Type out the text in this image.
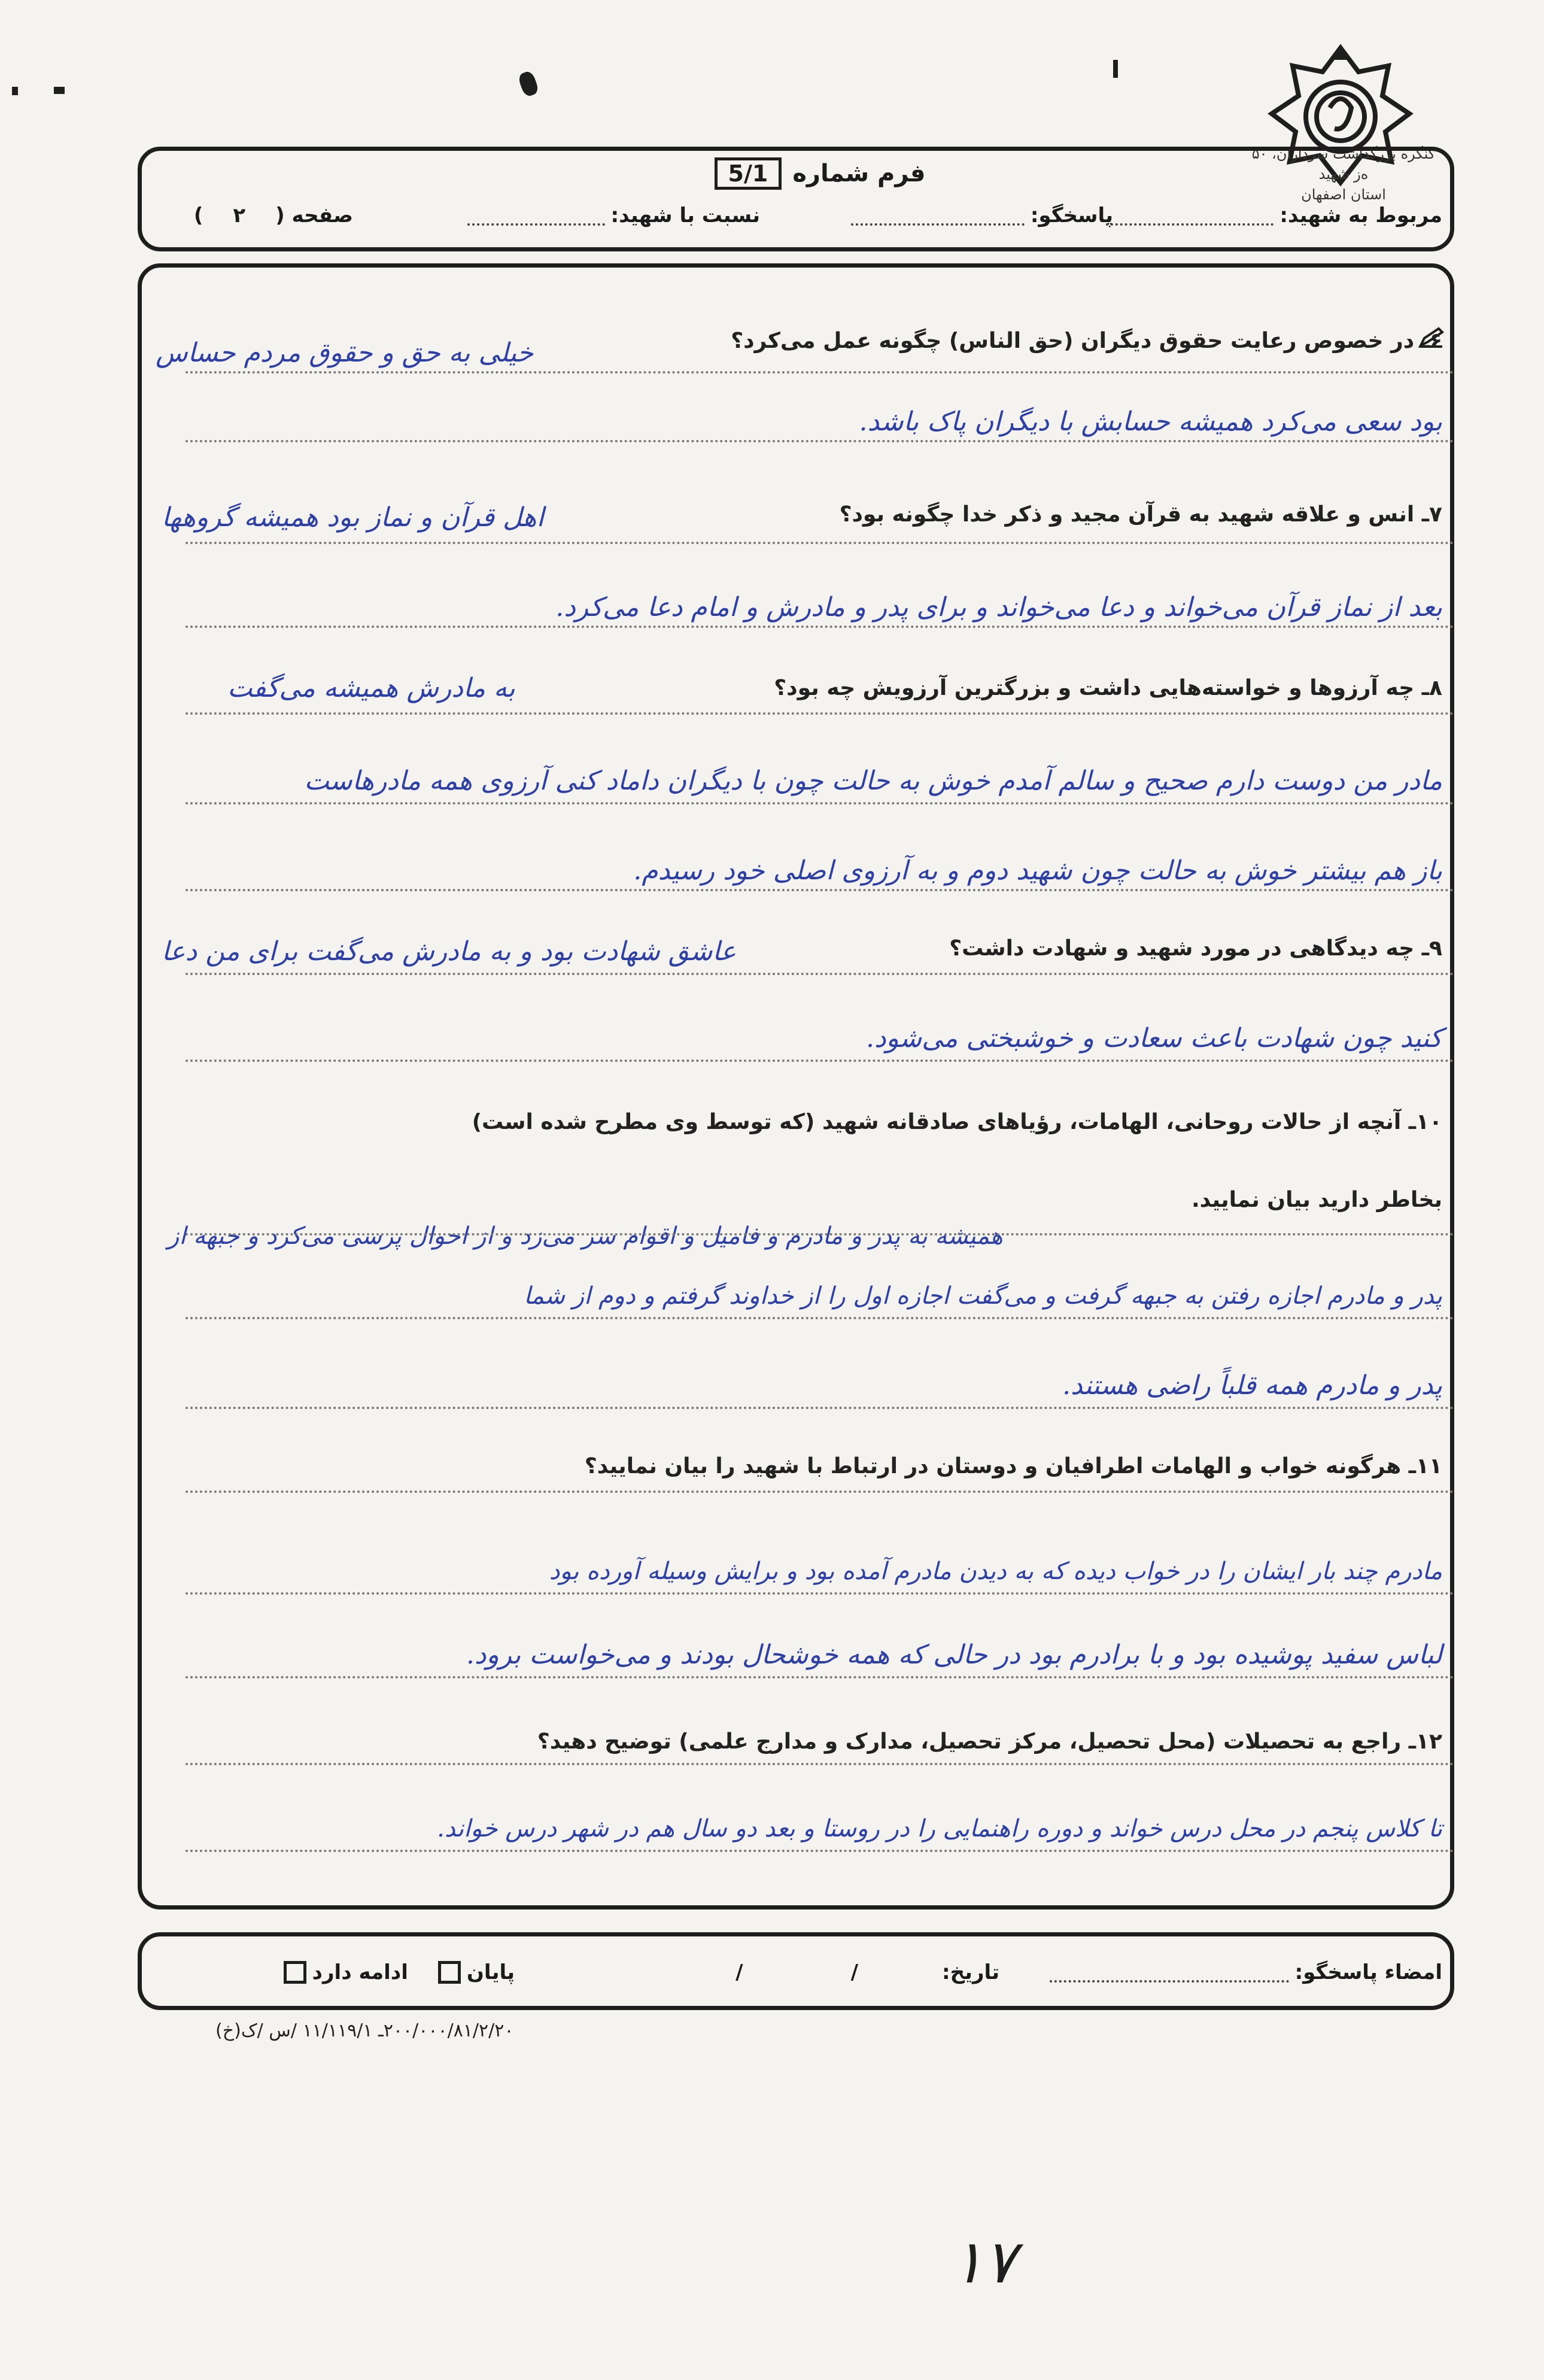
کنگره بزرگداشت سرداران، ۵۰ ه‌ز شهید
استان اصفهان
فرم شماره
5/1
مربوط به شهید:
پاسخگو:
نسبت با شهید:
صفحه (
۲
)
۶ـ در خصوص رعایت حقوق دیگران (حق الناس) چگونه عمل می‌کرد؟
خیلی به حق و حقوق مردم حساس
بود سعی می‌کرد همیشه حسابش با دیگران پاک باشد.
۷ـ انس و علاقه شهید به قرآن مجید و ذکر خدا چگونه بود؟
اهل قرآن و نماز بود همیشه گروهها
بعد از نماز قرآن می‌خواند و دعا می‌خواند و برای پدر و مادرش و امام دعا می‌کرد.
۸ـ چه آرزوها و خواسته‌هایی داشت و بزرگترین آرزویش چه بود؟
به مادرش همیشه می‌گفت
مادر من دوست دارم صحیح و سالم آمدم خوش به حالت چون با دیگران داماد کنی آرزوی همه مادرهاست
باز هم بیشتر خوش به حالت چون شهید دوم و به آرزوی اصلی خود رسیدم.
۹ـ چه دیدگاهی در مورد شهید و شهادت داشت؟
عاشق شهادت بود و به مادرش می‌گفت برای من دعا
کنید چون شهادت باعث سعادت و خوشبختی می‌شود.
۱۰ـ آنچه از حالات روحانی، الهامات، رؤیاهای صادقانه شهید (که توسط وی مطرح شده است)
بخاطر دارید بیان نمایید.
همیشه به پدر و مادرم و فامیل و اقوام سر می‌زد و از احوال پرسی می‌کرد و جبهه از
پدر و مادرم اجازه رفتن به جبهه گرفت و می‌گفت اجازه اول را از خداوند گرفتم و دوم از شما
پدر و مادرم همه قلباً راضی هستند.
۱۱ـ هرگونه خواب و الهامات اطرافیان و دوستان در ارتباط با شهید را بیان نمایید؟
مادرم چند بار ایشان را در خواب دیده که به دیدن مادرم آمده بود و برایش وسیله آورده بود
لباس سفید پوشیده بود و با برادرم بود در حالی که همه خوشحال بودند و می‌خواست برود.
۱۲ـ راجع به تحصیلات (محل تحصیل، مرکز تحصیل، مدارک و مدارج علمی) توضیح دهید؟
تا کلاس پنجم در محل درس خواند و دوره راهنمایی را در روستا و بعد دو سال هم در شهر درس خواند.
امضاء پاسخگو:
تاریخ:
/
/
پایان
ادامه دارد
(خ)۲۰۰/۰۰۰/۸۱/۲/۲۰ـ ۱۱/۱۱۹/۱ /س /ک
۱۷
